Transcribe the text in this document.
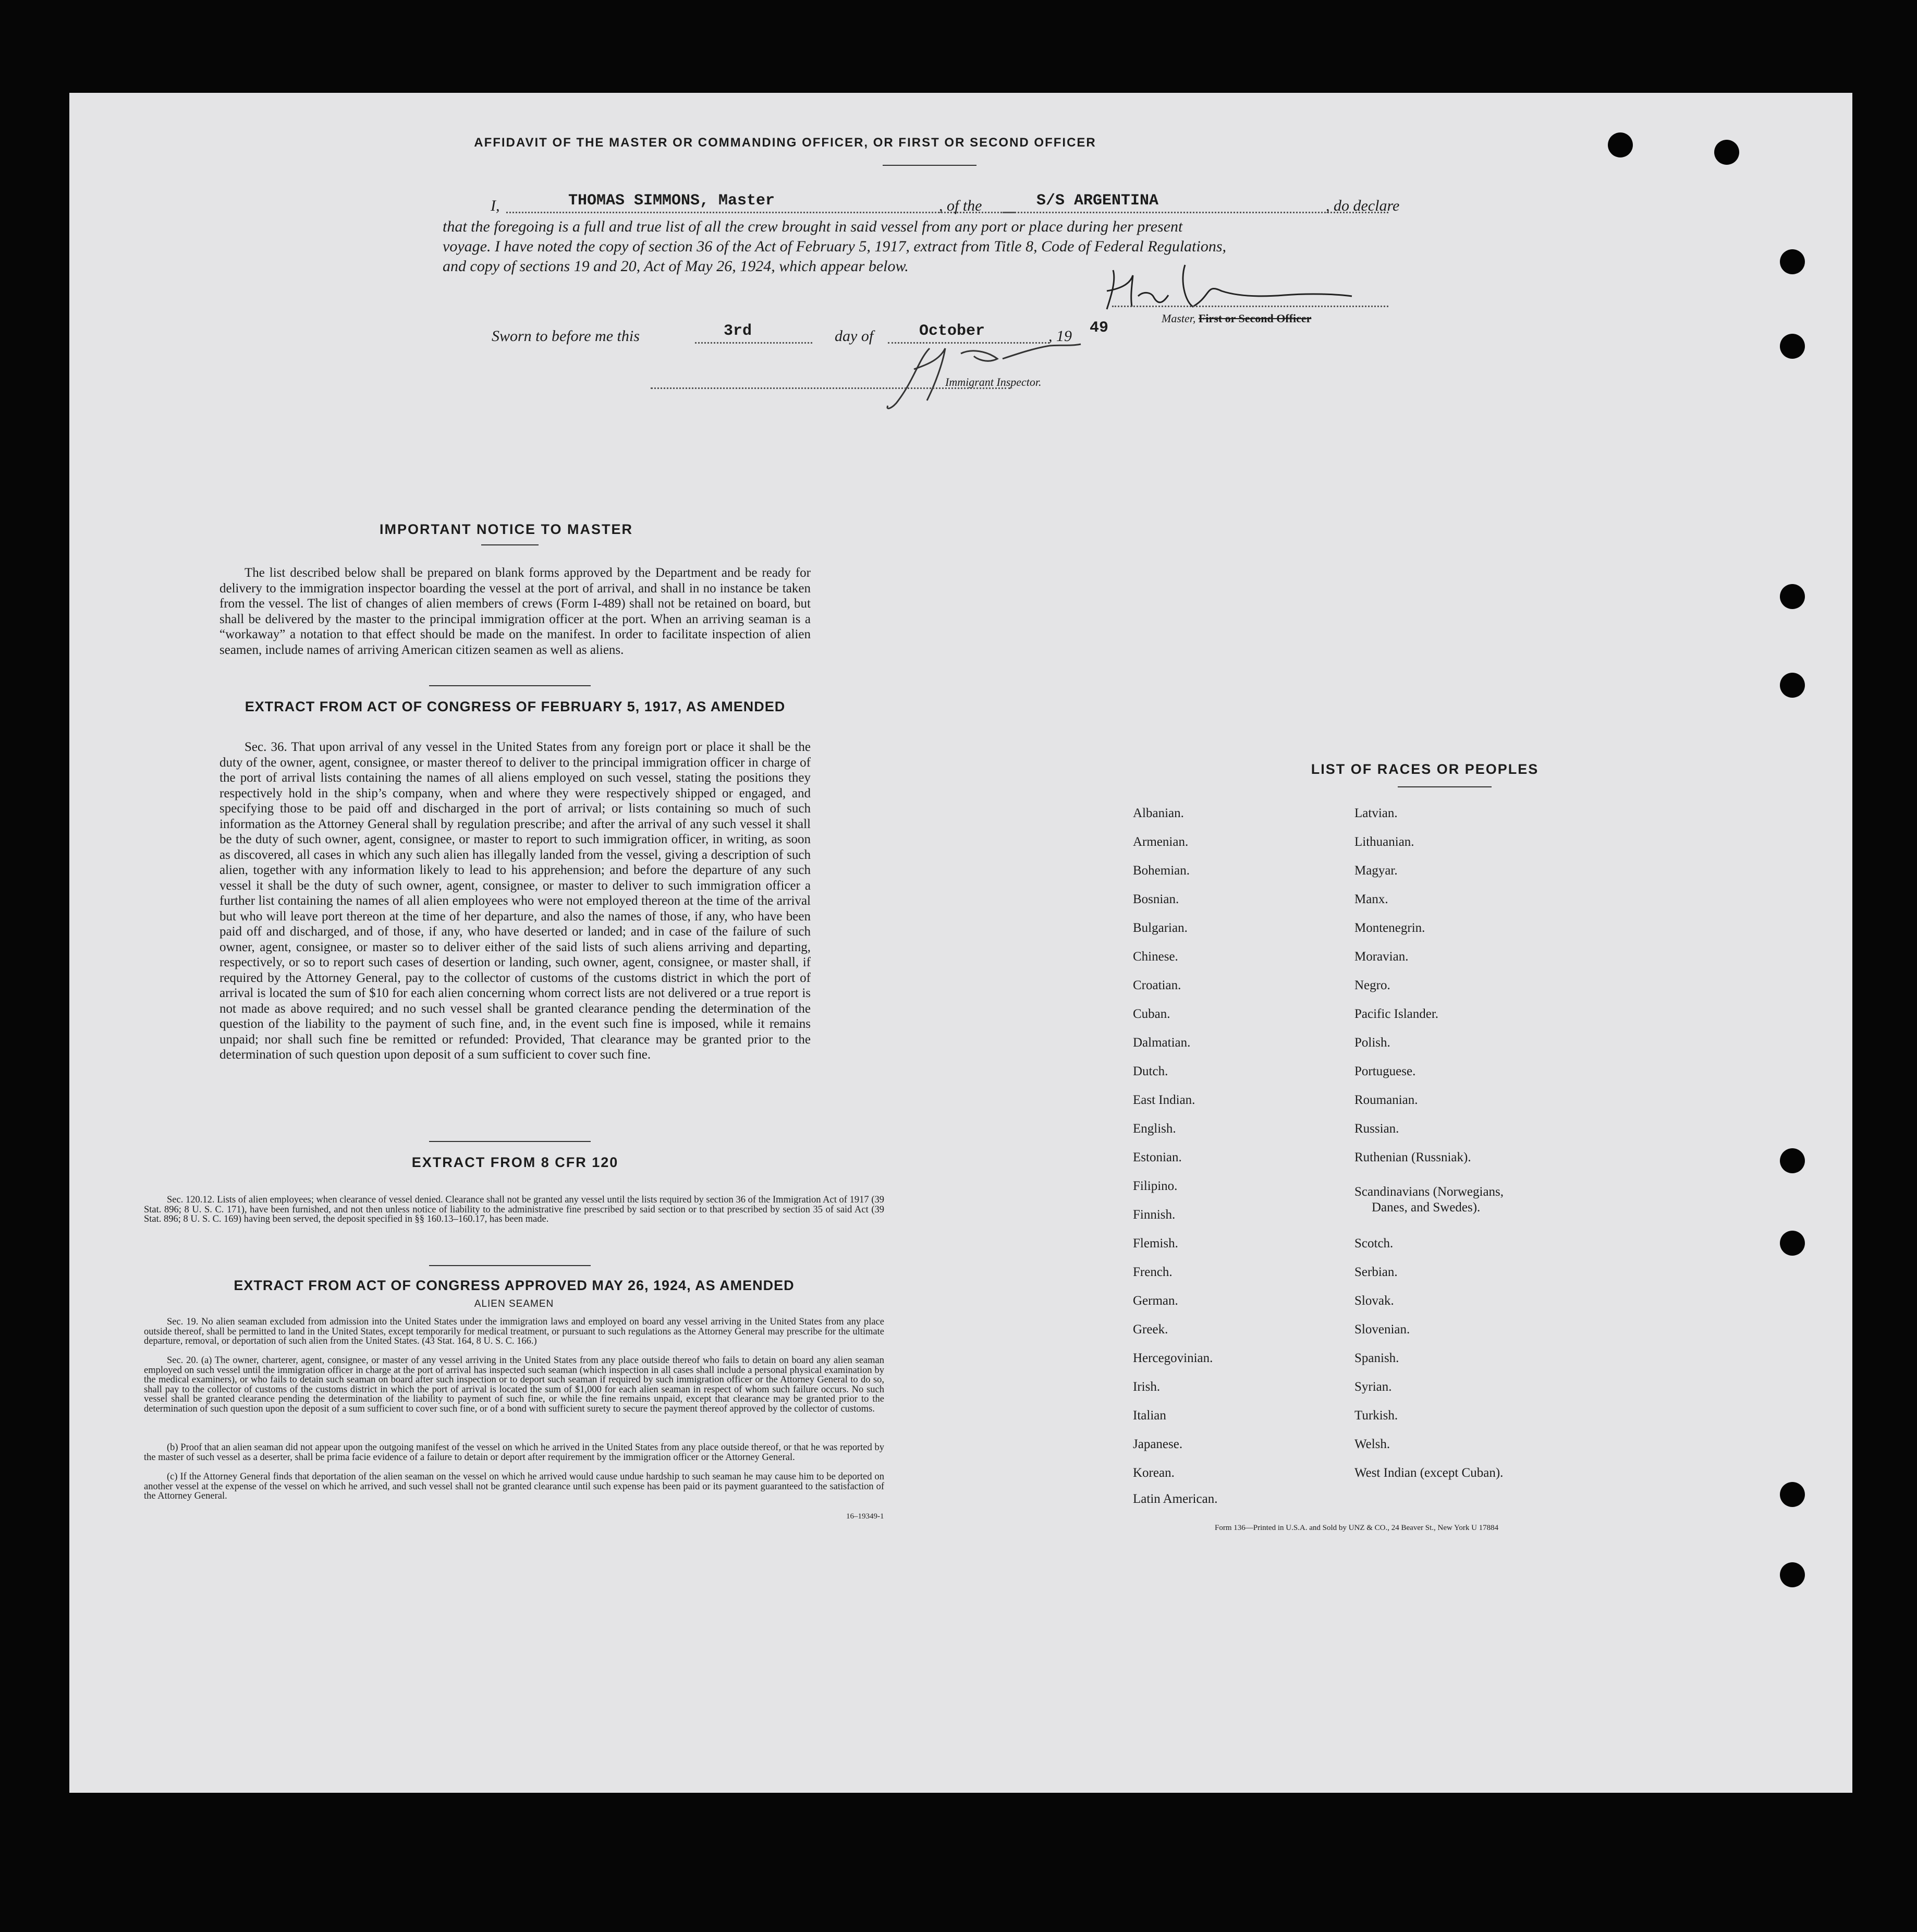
AFFIDAVIT OF THE MASTER OR COMMANDING OFFICER, OR FIRST OR SECOND OFFICER
I,	THOMAS SIMMONS, Master	, of the	S/S ARGENTINA	, do declare
that the foregoing is a full and true list of all the crew brought in said vessel from any port or place during her present
voyage. I have noted the copy of section 36 of the Act of February 5, 1917, extract from Title 8, Code of Federal Regulations,
and copy of sections 19 and 20, Act of May 26, 1924, which appear below.
Master, First or Second Officer
Sworn to before me this	3rd	day of	October	, 19 49
Immigrant Inspector.
IMPORTANT NOTICE TO MASTER
The list described below shall be prepared on blank forms approved by the Department and be ready for delivery to the immigration inspector boarding the vessel at the port of arrival, and shall in no instance be taken from the vessel. The list of changes of alien members of crews (Form I-489) shall not be retained on board, but shall be delivered by the master to the principal immigration officer at the port. When an arriving seaman is a “workaway” a notation to that effect should be made on the manifest. In order to facilitate inspection of alien seamen, include names of arriving American citizen seamen as well as aliens.
EXTRACT FROM ACT OF CONGRESS OF FEBRUARY 5, 1917, AS AMENDED
Sec. 36. That upon arrival of any vessel in the United States from any foreign port or place it shall be the duty of the owner, agent, consignee, or master thereof to deliver to the principal immigration officer in charge of the port of arrival lists containing the names of all aliens employed on such vessel, stating the positions they respectively hold in the ship’s company, when and where they were respectively shipped or engaged, and specifying those to be paid off and discharged in the port of arrival; or lists containing so much of such information as the Attorney General shall by regulation prescribe; and after the arrival of any such vessel it shall be the duty of such owner, agent, consignee, or master to report to such immigration officer, in writing, as soon as discovered, all cases in which any such alien has illegally landed from the vessel, giving a description of such alien, together with any information likely to lead to his apprehension; and before the departure of any such vessel it shall be the duty of such owner, agent, consignee, or master to deliver to such immigration officer a further list containing the names of all alien employees who were not employed thereon at the time of the arrival but who will leave port thereon at the time of her departure, and also the names of those, if any, who have been paid off and discharged, and of those, if any, who have deserted or landed; and in case of the failure of such owner, agent, consignee, or master so to deliver either of the said lists of such aliens arriving and departing, respectively, or so to report such cases of desertion or landing, such owner, agent, consignee, or master shall, if required by the Attorney General, pay to the collector of customs of the customs district in which the port of arrival is located the sum of $10 for each alien concerning whom correct lists are not delivered or a true report is not made as above required; and no such vessel shall be granted clearance pending the determination of the question of the liability to the payment of such fine, and, in the event such fine is imposed, while it remains unpaid; nor shall such fine be remitted or refunded: Provided, That clearance may be granted prior to the determination of such question upon deposit of a sum sufficient to cover such fine.
EXTRACT FROM 8 CFR 120
Sec. 120.12. Lists of alien employees; when clearance of vessel denied. Clearance shall not be granted any vessel until the lists required by section 36 of the Immigration Act of 1917 (39 Stat. 896; 8 U. S. C. 171), have been furnished, and not then unless notice of liability to the administrative fine prescribed by said section or to that prescribed by section 35 of said Act (39 Stat. 896; 8 U. S. C. 169) having been served, the deposit specified in §§ 160.13–160.17, has been made.
EXTRACT FROM ACT OF CONGRESS APPROVED MAY 26, 1924, AS AMENDED
ALIEN SEAMEN
Sec. 19. No alien seaman excluded from admission into the United States under the immigration laws and employed on board any vessel arriving in the United States from any place outside thereof, shall be permitted to land in the United States, except temporarily for medical treatment, or pursuant to such regulations as the Attorney General may prescribe for the ultimate departure, removal, or deportation of such alien from the United States. (43 Stat. 164, 8 U. S. C. 166.)
Sec. 20. (a) The owner, charterer, agent, consignee, or master of any vessel arriving in the United States from any place outside thereof who fails to detain on board any alien seaman employed on such vessel until the immigration officer in charge at the port of arrival has inspected such seaman (which inspection in all cases shall include a personal physical examination by the medical examiners), or who fails to detain such seaman on board after such inspection or to deport such seaman if required by such immigration officer or the Attorney General to do so, shall pay to the collector of customs of the customs district in which the port of arrival is located the sum of $1,000 for each alien seaman in respect of whom such failure occurs. No such vessel shall be granted clearance pending the determination of the liability to payment of such fine, or while the fine remains unpaid, except that clearance may be granted prior to the determination of such question upon the deposit of a sum sufficient to cover such fine, or of a bond with sufficient surety to secure the payment thereof approved by the collector of customs.
(b) Proof that an alien seaman did not appear upon the outgoing manifest of the vessel on which he arrived in the United States from any place outside thereof, or that he was reported by the master of such vessel as a deserter, shall be prima facie evidence of a failure to detain or deport after requirement by the immigration officer or the Attorney General.
(c) If the Attorney General finds that deportation of the alien seaman on the vessel on which he arrived would cause undue hardship to such seaman he may cause him to be deported on another vessel at the expense of the vessel on which he arrived, and such vessel shall not be granted clearance until such expense has been paid or its payment guaranteed to the satisfaction of the Attorney General.
16–19349-1
LIST OF RACES OR PEOPLES
Albanian.
Armenian.
Bohemian.
Bosnian.
Bulgarian.
Chinese.
Croatian.
Cuban.
Dalmatian.
Dutch.
East Indian.
English.
Estonian.
Filipino.
Finnish.
Flemish.
French.
German.
Greek.
Hercegovinian.
Irish.
Italian
Japanese.
Korean.
Latin American.
Latvian.
Lithuanian.
Magyar.
Manx.
Montenegrin.
Moravian.
Negro.
Pacific Islander.
Polish.
Portuguese.
Roumanian.
Russian.
Ruthenian (Russniak).
Scandinavians (Norwegians,
Danes, and Swedes).
Scotch.
Serbian.
Slovak.
Slovenian.
Spanish.
Syrian.
Turkish.
Welsh.
West Indian (except Cuban).
Form 136—Printed in U.S.A. and Sold by UNZ & CO., 24 Beaver St., New York U 17884
